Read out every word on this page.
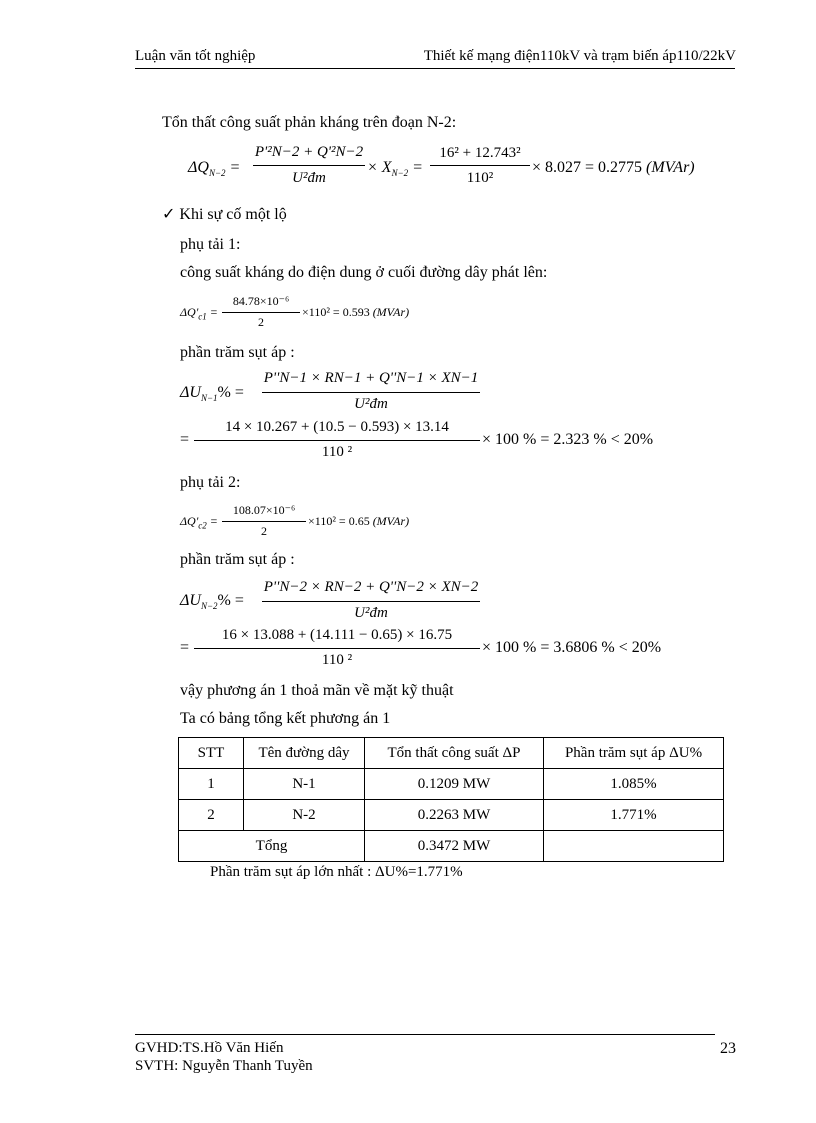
Luận văn tốt nghiệp	Thiết kế mạng điện110kV và trạm biến áp110/22kV
Tổn thất công suất phản kháng trên đoạn N-2:
$\Delta Q_{N-2}$ =
P'²N−2 + Q'²N−2
U²đm
× $X_{N-2}$ =
16² + 12.743²
110²
× 8.027 = 0.2775 (MVAr)
✓ Khi sự cố một lộ
phụ tải 1:
công suất kháng do điện dung ở cuối đường dây phát lên:
$\Delta Q'_{c1}$ =
84.78×10⁻⁶
2
×110² = 0.593 (MVAr)
phần trăm sụt áp :
$\Delta U_{N-1}\%$ =
P''N−1 × RN−1 + Q''N−1 × XN−1
U²đm
=
14 × 10.267 + (10.5 − 0.593) × 13.14
110 ²
× 100 % = 2.323 % < 20%
phụ tải 2:
$\Delta Q'_{c2}$ =
108.07×10⁻⁶
2
×110² = 0.65 (MVAr)
phần trăm sụt áp :
$\Delta U_{N-2}\%$ =
P''N−2 × RN−2 + Q''N−2 × XN−2
U²đm
=
16 × 13.088 + (14.111 − 0.65) × 16.75
110 ²
× 100 % = 3.6806 % < 20%
vậy phương án 1 thoả mãn về mặt kỹ thuật
Ta có bảng tổng kết phương án 1
STT	Tên đường dây	Tổn thất công suất ΔP	Phần trăm sụt áp ΔU%
1	N-1	0.1209 MW	1.085%
2	N-2	0.2263 MW	1.771%
Tổng		0.3472 MW	
Phần trăm sụt áp lớn nhất : ΔU%=1.771%
GVHD:TS.Hồ Văn Hiến
SVTH: Nguyễn Thanh Tuyền
23
